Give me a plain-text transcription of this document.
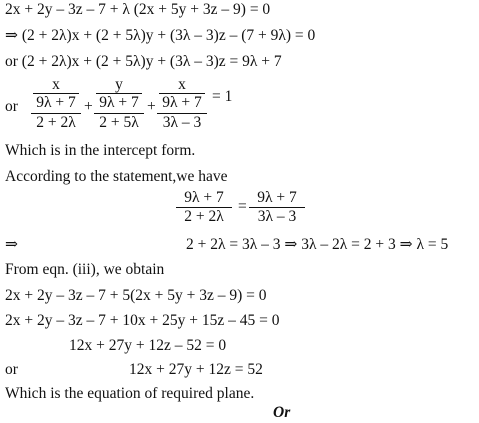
2x + 2y – 3z – 7 + λ (2x + 5y + 3z – 9) = 0
⇒ (2 + 2λ)x + (2 + 5λ)y + (3λ – 3)z – (7 + 9λ) = 0
or (2 + 2λ)x + (2 + 5λ)y + (3λ – 3)z = 9λ + 7
or
x
9λ + 7
2 + 2λ
+
y
9λ + 7
2 + 5λ
+
x
9λ + 7
3λ – 3
= 1
Which is in the intercept form.
According to the statement,we have
$\frac{9\lambda + 7}{2 + 2\lambda} = \frac{9\lambda + 7}{3\lambda - 3}$
⇒	2 + 2λ = 3λ – 3 ⇒ 3λ – 2λ = 2 + 3 ⇒ λ = 5
From eqn. (iii), we obtain
2x + 2y – 3z – 7 + 5(2x + 5y + 3z – 9) = 0
2x + 2y – 3z – 7 + 10x + 25y + 15z – 45 = 0
12x + 27y + 12z – 52 = 0
or	12x + 27y + 12z = 52
Which is the equation of required plane.
Or
